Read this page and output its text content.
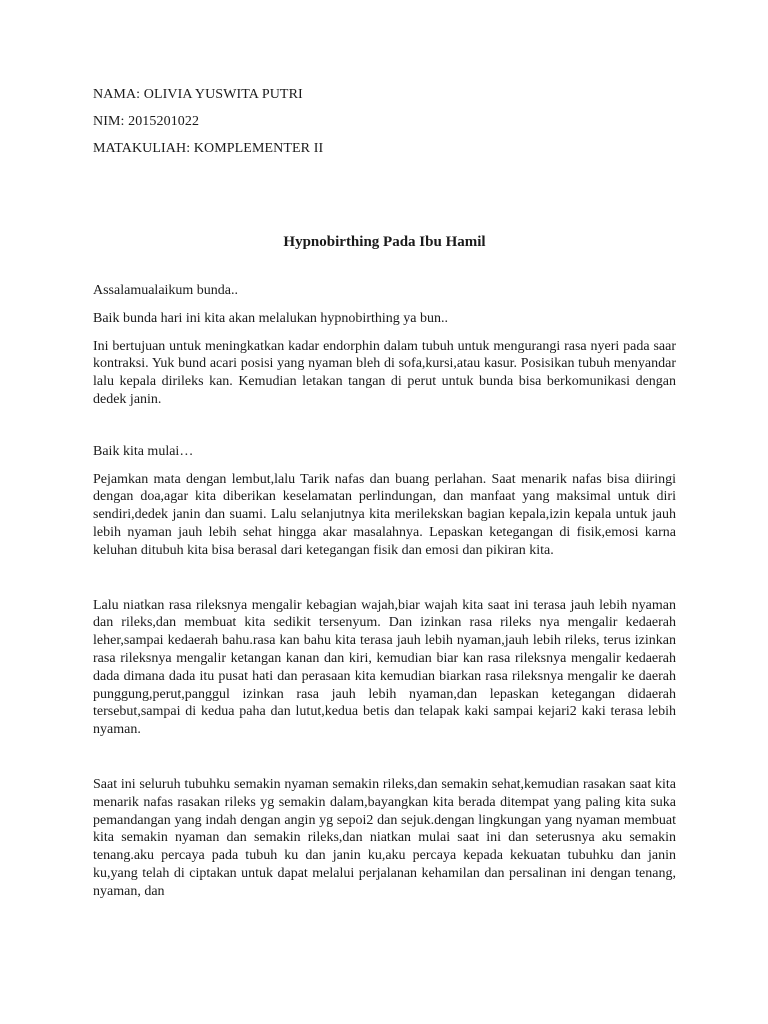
NAMA: OLIVIA YUSWITA PUTRI
NIM: 2015201022
MATAKULIAH: KOMPLEMENTER II
Hypnobirthing Pada Ibu Hamil

Assalamualaikum bunda..

Baik bunda hari ini kita akan melalukan hypnobirthing ya bun..

Ini bertujuan untuk meningkatkan kadar endorphin dalam tubuh untuk mengurangi rasa nyeri pada saar kontraksi. Yuk bund acari posisi yang nyaman bleh di sofa,kursi,atau kasur. Posisikan tubuh menyandar lalu kepala dirileks kan. Kemudian letakan tangan di perut untuk bunda bisa berkomunikasi dengan dedek janin.

Baik kita mulai…

Pejamkan mata dengan lembut,lalu Tarik nafas dan buang perlahan. Saat menarik nafas bisa diiringi dengan doa,agar kita diberikan keselamatan perlindungan, dan manfaat yang maksimal untuk diri sendiri,dedek janin dan suami. Lalu selanjutnya kita merilekskan bagian kepala,izin kepala untuk jauh lebih nyaman jauh lebih sehat hingga akar masalahnya. Lepaskan ketegangan di fisik,emosi karna keluhan ditubuh kita bisa berasal dari ketegangan fisik dan emosi dan pikiran kita.

Lalu niatkan rasa rileksnya mengalir kebagian wajah,biar wajah kita saat ini terasa jauh lebih nyaman dan rileks,dan membuat kita sedikit tersenyum. Dan izinkan rasa rileks nya mengalir kedaerah leher,sampai kedaerah bahu.rasa kan bahu kita terasa jauh lebih nyaman,jauh lebih rileks, terus izinkan rasa rileksnya mengalir ketangan kanan dan kiri, kemudian biar kan rasa rileksnya mengalir kedaerah dada dimana dada itu pusat hati dan perasaan kita kemudian biarkan rasa rileksnya mengalir ke daerah punggung,perut,panggul izinkan rasa jauh lebih nyaman,dan lepaskan ketegangan didaerah tersebut,sampai di kedua paha dan lutut,kedua betis dan telapak kaki sampai kejari2 kaki terasa lebih nyaman.

Saat ini seluruh tubuhku semakin nyaman semakin rileks,dan semakin sehat,kemudian rasakan saat kita menarik nafas rasakan rileks yg semakin dalam,bayangkan kita berada ditempat yang paling kita suka pemandangan yang indah dengan angin yg sepoi2 dan sejuk.dengan lingkungan yang nyaman membuat kita semakin nyaman dan semakin rileks,dan niatkan mulai saat ini dan seterusnya aku semakin tenang.aku percaya pada tubuh ku dan janin ku,aku percaya kepada kekuatan tubuhku dan janin ku,yang telah di ciptakan untuk dapat melalui perjalanan kehamilan dan persalinan ini dengan tenang, nyaman, dan
